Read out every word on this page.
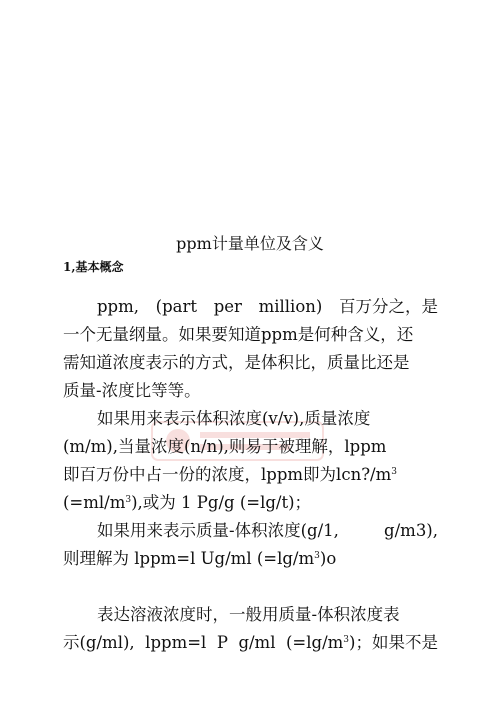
ppm计量单位及含义
1,基本概念
ppm, (part per million) 百万分之，是
一个无量纲量。如果要知道ppm是何种含义，还
需知道浓度表示的方式，是体积比，质量比还是
质量-浓度比等等。
如果用来表示体积浓度(v/v),质量浓度
(m/m),当量浓度(n/n),则易于被理解，lppm
即百万份中占一份的浓度，lppm即为$lcn?/m^3$
$(=ml/m^3)$,或为 1 Pg/g (=lg/t)；
如果用来表示质量-体积浓度(g/1,	g/m3),
则理解为 lppm=l Ug/ml $(=\lg/m^3)o$
表达溶液浓度时，一般用质量-体积浓度表
示(g/ml), lppm=l P g/ml $(=\lg/m^3)$；如果不是
